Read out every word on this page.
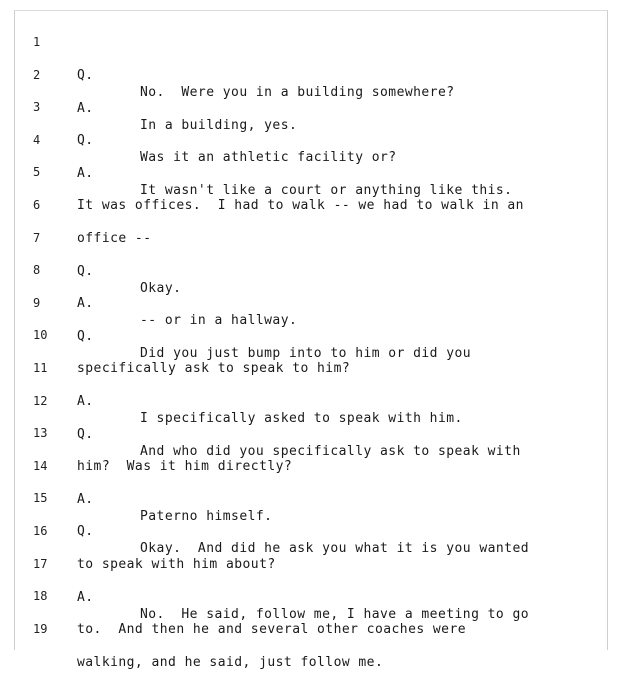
1

Q.

No.  Were you in a building somewhere?

2

A.

In a building, yes.

3

Q.

Was it an athletic facility or?

4

A.

It wasn't like a court or anything like this.

5

It was offices.  I had to walk -- we had to walk in an

6

office --

7

Q.

Okay.

8

A.

-- or in a hallway.

9

Q.

Did you just bump into to him or did you

10

specifically ask to speak to him?

11

A.

I specifically asked to speak with him.

12

Q.

And who did you specifically ask to speak with

13

him?  Was it him directly?

14

A.

Paterno himself.

15

Q.

Okay.  And did he ask you what it is you wanted

16

to speak with him about?

17

A.

No.  He said, follow me, I have a meeting to go

18

to.  And then he and several other coaches were

19

walking, and he said, just follow me.
